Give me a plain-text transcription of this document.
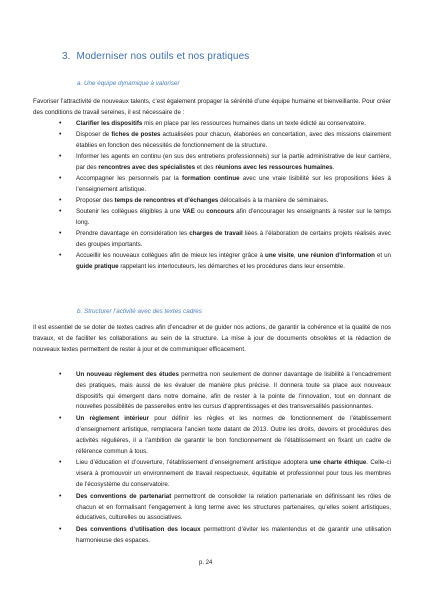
3. Moderniser nos outils et nos pratiques
a. Une équipe dynamique à valoriser
Favoriser l’attractivité de nouveaux talents, c’est également propager la sérénité d’une équipe humaine et bienveillante. Pour créer des conditions de travail sereines, il est nécessaire de :
• Clarifier les dispositifs mis en place par les ressources humaines dans un texte édicté au conservatoire.
• Disposer de fiches de postes actualisées pour chacun, élaborées en concertation, avec des missions clairement établies en fonction des nécessités de fonctionnement de la structure.
• Informer les agents en continu (en sus des entretiens professionnels) sur la partie administrative de leur carrière, par des rencontres avec des spécialistes et des réunions avec les ressources humaines.
• Accompagner les personnels par la formation continue avec une vraie lisibilité sur les propositions liées à l’enseignement artistique.
• Proposer des temps de rencontres et d’échanges délocalisés à la manière de séminaires.
• Soutenir les collègues éligibles à une VAE ou concours afin d’encourager les enseignants à rester sur le temps long.
• Prendre davantage en considération les charges de travail liées à l’élaboration de certains projets réalisés avec des groupes importants.
• Accueillir les nouveaux collègues afin de mieux les intégrer grâce à une visite, une réunion d’information et un guide pratique rappelant les interlocuteurs, les démarches et les procédures dans leur ensemble.
b. Structurer l’activité avec des textes cadres
Il est essentiel de se doter de textes cadres afin d’encadrer et de guider nos actions, de garantir la cohérence et la qualité de nos travaux, et de faciliter les collaborations au sein de la structure. La mise à jour de documents obsolètes et la rédaction de nouveaux textes permettent de rester à jour et de communiquer efficacement.
• Un nouveau règlement des études permettra non seulement de donner davantage de lisibilité à l’encadrement des pratiques, mais aussi de les évaluer de manière plus précise. Il donnera toute sa place aux nouveaux dispositifs qui émergent dans notre domaine, afin de rester à la pointe de l’innovation, tout en donnant de nouvelles possibilités de passerelles entre les cursus d’apprentissages et des transversalités passionnantes.
• Un règlement intérieur pour définir les règles et les normes de fonctionnement de l’établissement d’enseignement artistique, remplacera l’ancien texte datant de 2013. Outre les droits, devoirs et procédures des activités régulières, il a l’ambition de garantir le bon fonctionnement de l’établissement en fixant un cadre de référence commun à tous.
• Lieu d’éducation et d’ouverture, l’établissement d’enseignement artistique adoptera une charte éthique. Celle-ci visera à promouvoir un environnement de travail respectueux, équitable et professionnel pour tous les membres de l’écosystème du conservatoire.
• Des conventions de partenariat permettront de consolider la relation partenariale en définissant les rôles de chacun et en formalisant l’engagement à long terme avec les structures partenaires, qu’elles soient artistiques, éducatives, culturelles ou associatives.
• Des conventions d’utilisation des locaux permettront d’éviter les malentendus et de garantir une utilisation harmonieuse des espaces.
p. 24
